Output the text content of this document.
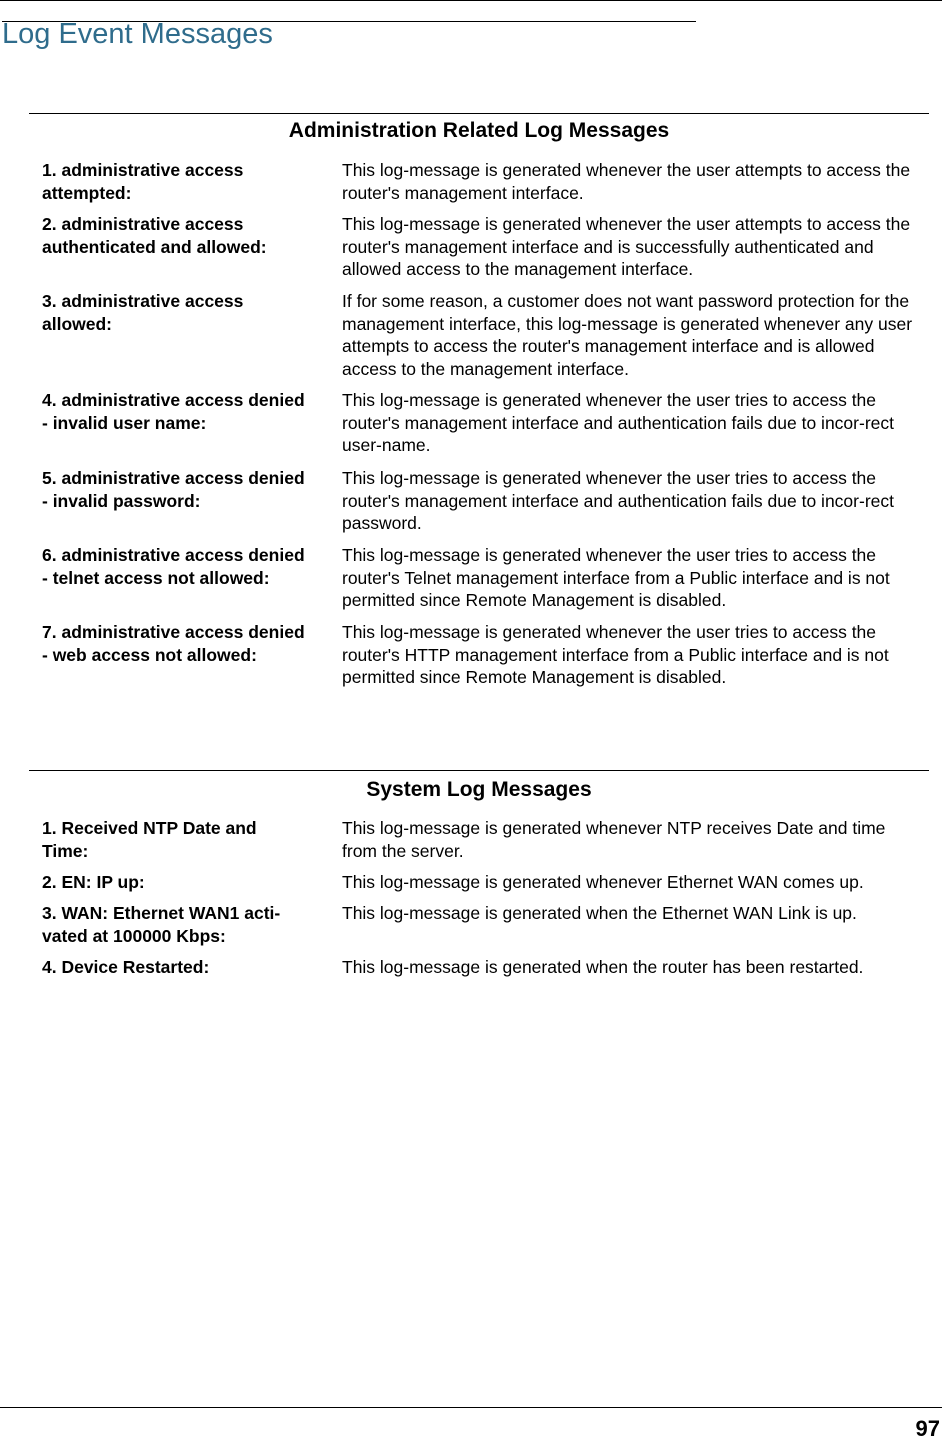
Log Event Messages
Administration Related Log Messages
1. administrative access attempted:
This log-message is generated whenever the user attempts to access the router's management interface.
2. administrative access authenticated and allowed:
This log-message is generated whenever the user attempts to access the router's management interface and is successfully authenticated and allowed access to the management interface.
3. administrative access allowed:
If for some reason, a customer does not want password protection for the management interface, this log-message is generated whenever any user attempts to access the router's management interface and is allowed access to the management interface.
4. administrative access denied - invalid user name:
This log-message is generated whenever the user tries to access the router's management interface and authentication fails due to incor-rect user-name.
5. administrative access denied - invalid password:
This log-message is generated whenever the user tries to access the router's management interface and authentication fails due to incor-rect password.
6. administrative access denied - telnet access not allowed:
This log-message is generated whenever the user tries to access the router's Telnet management interface from a Public interface and is not permitted since Remote Management is disabled.
7. administrative access denied - web access not allowed:
This log-message is generated whenever the user tries to access the router's HTTP management interface from a Public interface and is not permitted since Remote Management is disabled.
System Log Messages
1. Received NTP Date and Time:
This log-message is generated whenever NTP receives Date and time from the server.
2. EN: IP up:	This log-message is generated whenever Ethernet WAN comes up.
3. WAN: Ethernet WAN1 acti-vated at 100000 Kbps:
This log-message is generated when the Ethernet WAN Link is up.
4. Device Restarted:	This log-message is generated when the router has been restarted.
97
